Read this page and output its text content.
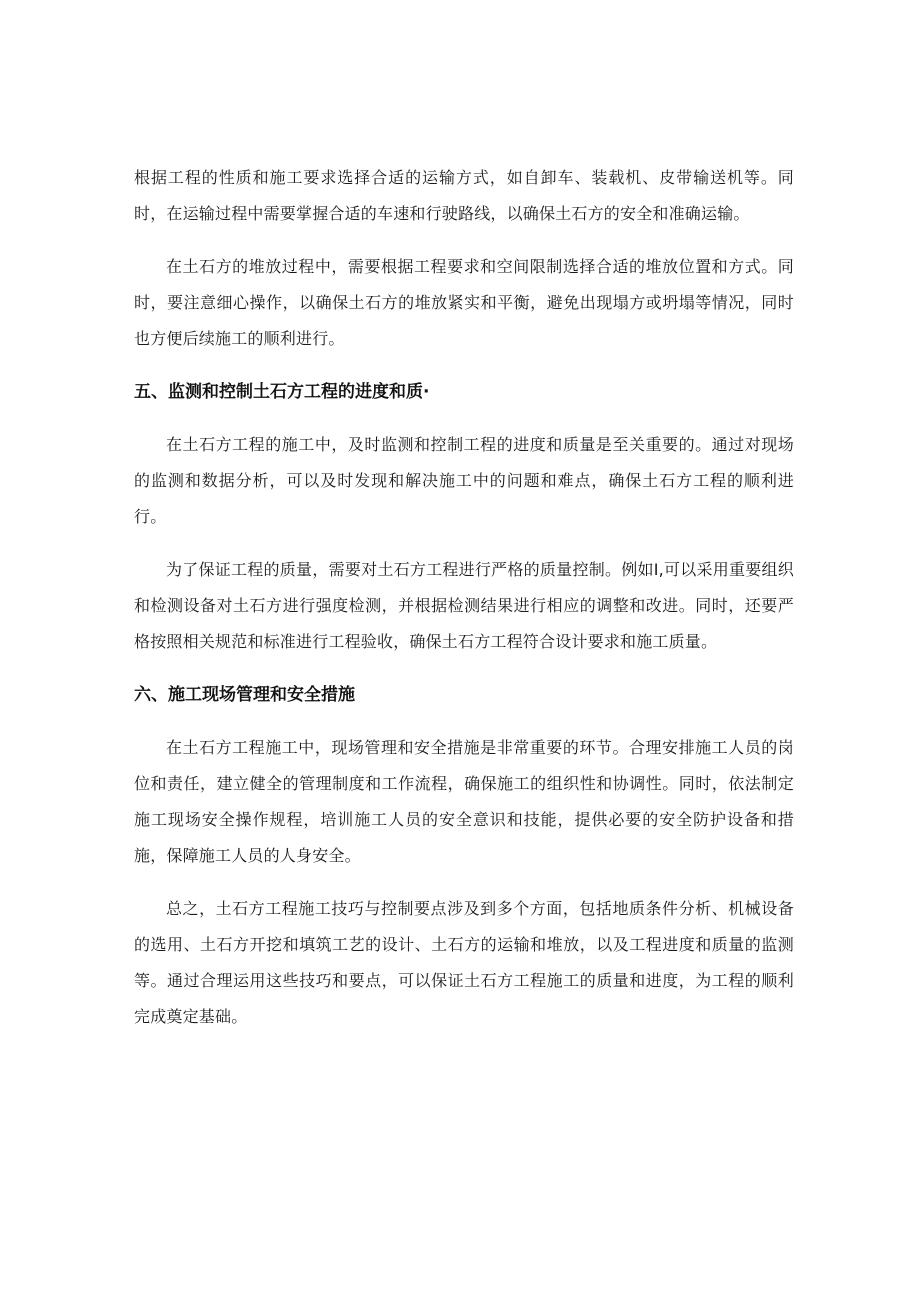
根据工程的性质和施工要求选择合适的运输方式，如自卸车、装载机、皮带输送机等。同时，在运输过程中需要掌握合适的车速和行驶路线，以确保土石方的安全和准确运输。

在土石方的堆放过程中，需要根据工程要求和空间限制选择合适的堆放位置和方式。同时，要注意细心操作，以确保土石方的堆放紧实和平衡，避免出现塌方或坍塌等情况，同时也方便后续施工的顺利进行。

五、监测和控制土石方工程的进度和质·

在土石方工程的施工中，及时监测和控制工程的进度和质量是至关重要的。通过对现场的监测和数据分析，可以及时发现和解决施工中的问题和难点，确保土石方工程的顺利进行。

为了保证工程的质量，需要对土石方工程进行严格的质量控制。例如I,可以采用重要组织和检测设备对土石方进行强度检测，并根据检测结果进行相应的调整和改进。同时，还要严格按照相关规范和标准进行工程验收，确保土石方工程符合设计要求和施工质量。

六、施工现场管理和安全措施

在土石方工程施工中，现场管理和安全措施是非常重要的环节。合理安排施工人员的岗位和责任，建立健全的管理制度和工作流程，确保施工的组织性和协调性。同时，依法制定施工现场安全操作规程，培训施工人员的安全意识和技能，提供必要的安全防护设备和措施，保障施工人员的人身安全。

总之，土石方工程施工技巧与控制要点涉及到多个方面，包括地质条件分析、机械设备的选用、土石方开挖和填筑工艺的设计、土石方的运输和堆放，以及工程进度和质量的监测等。通过合理运用这些技巧和要点，可以保证土石方工程施工的质量和进度，为工程的顺利完成奠定基础。
